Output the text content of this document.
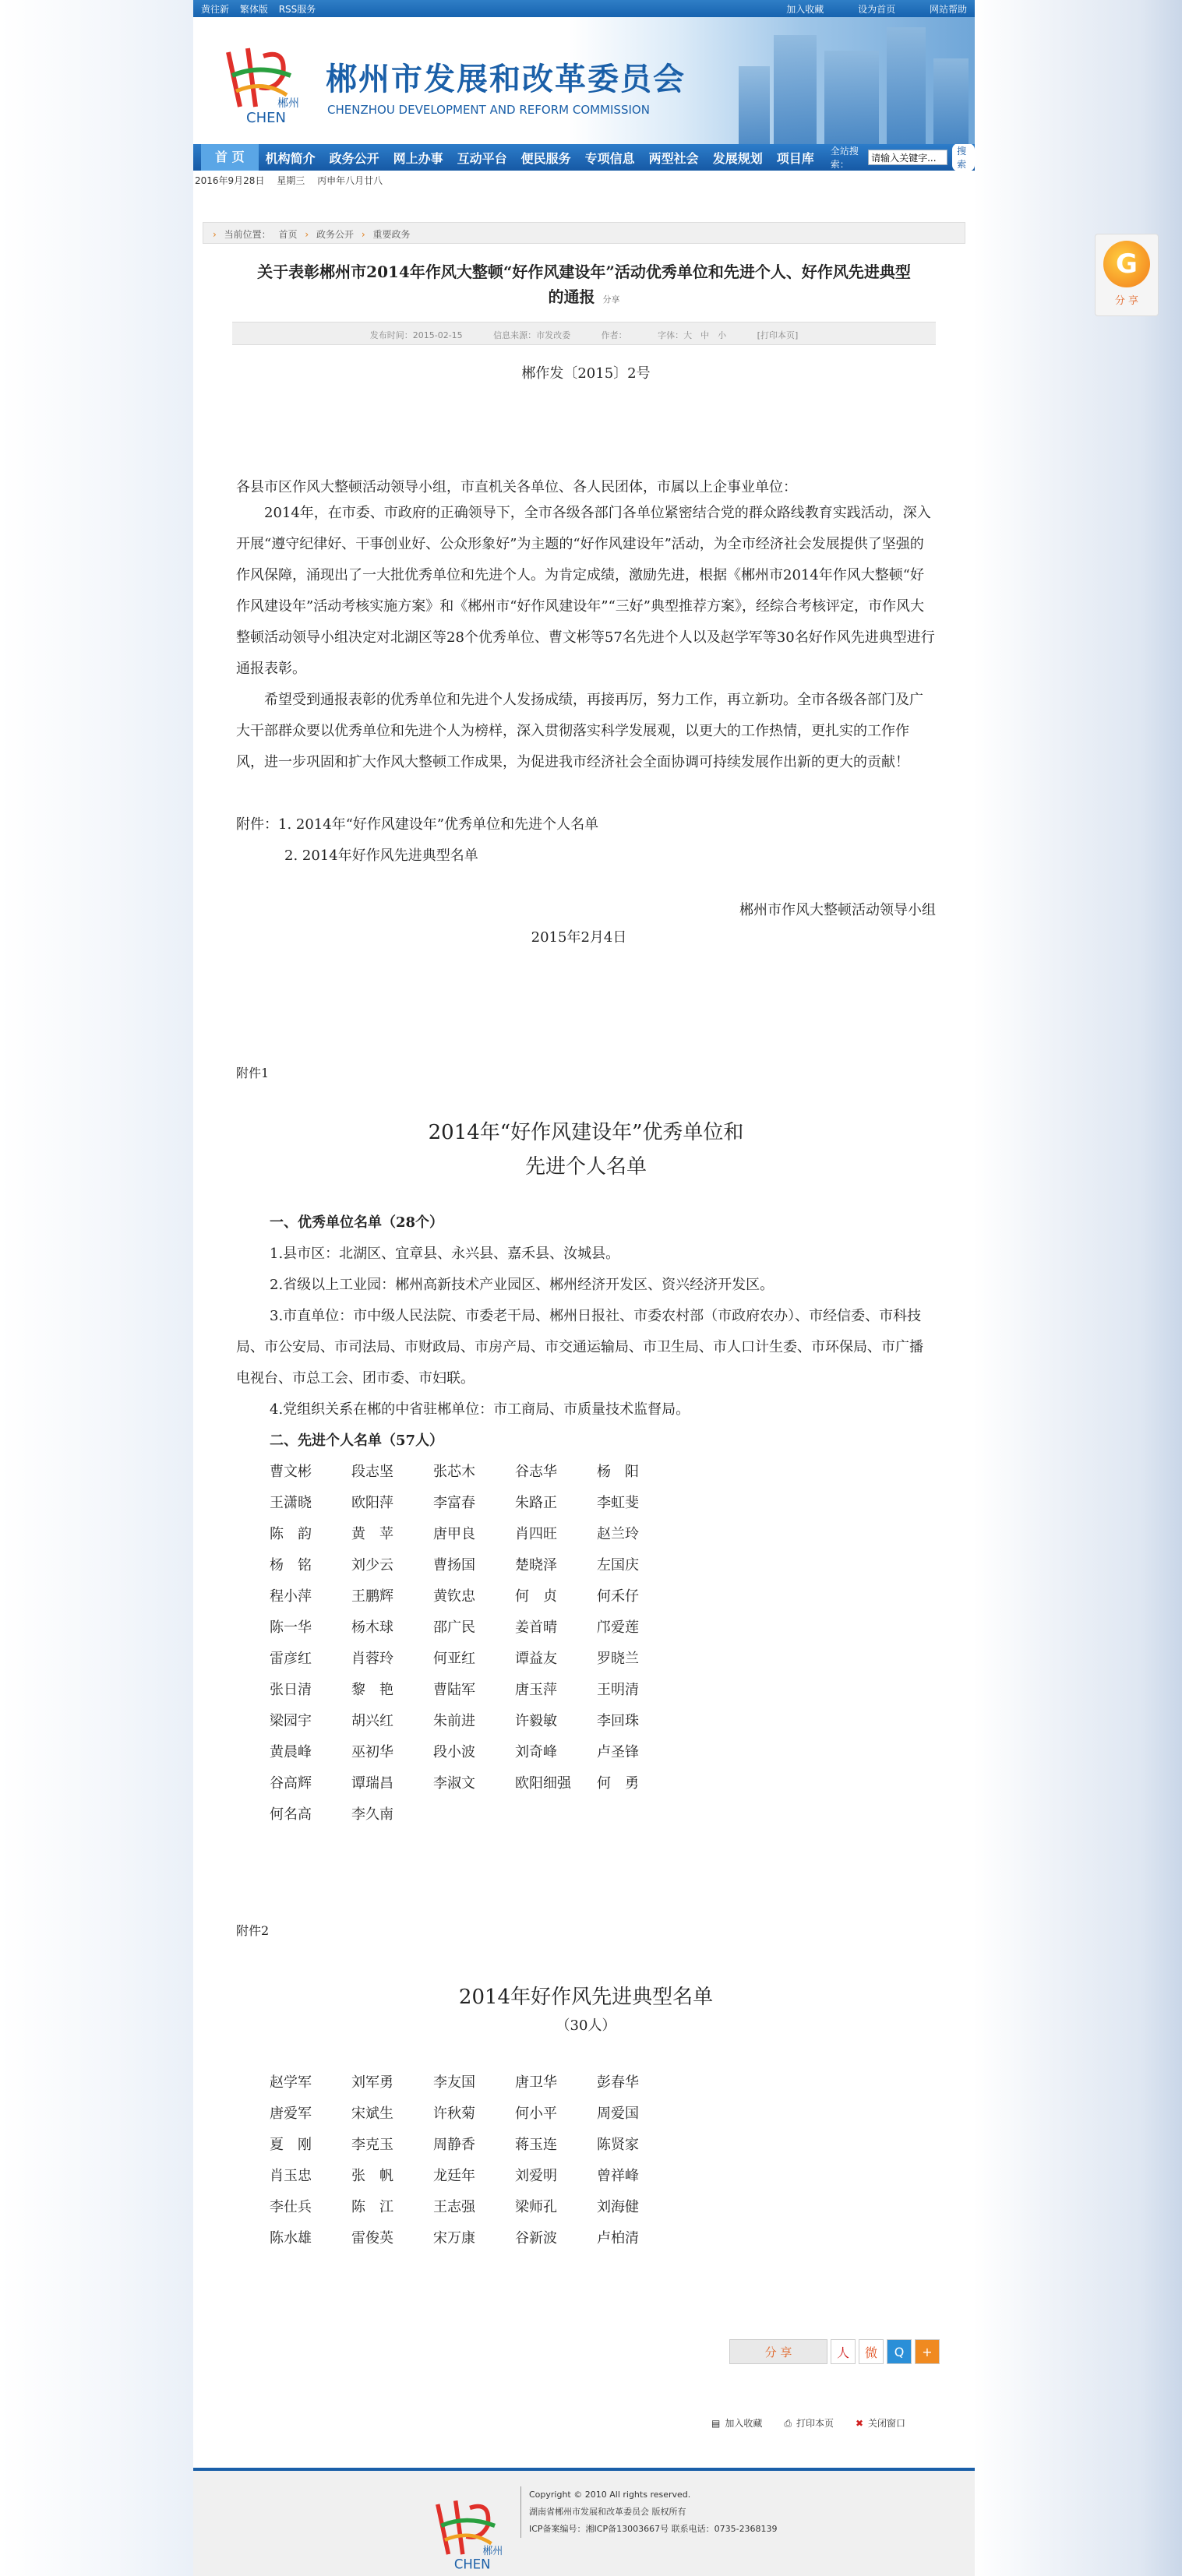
黄往新 繁体版 RSS服务	加入收藏	设为首页	网站帮助
郴州
CHEN
郴州市发展和改革委员会
CHENZHOU DEVELOPMENT AND REFORM COMMISSION
首 页	机构简介	政务公开	网上办事	互动平台	便民服务	专项信息	两型社会	发展规划	项目库	全站搜索：
请输入关键字...
搜索
2016年9月28日 星期三 丙申年八月廿八
› 当前位置： 首页 › 政务公开 › 重要政务
关于表彰郴州市2014年作风大整顿“好作风建设年”活动优秀单位和先进个人、好作风先进典型
的通报 分享
发布时间：2015-02-15	信息来源：市发改委	作者：	字体：大　中　小	[打印本页]
郴作发〔2015〕2号
各县市区作风大整顿活动领导小组，市直机关各单位、各人民团体，市属以上企事业单位：
2014年，在市委、市政府的正确领导下，全市各级各部门各单位紧密结合党的群众路线教育实践活动，深入开展“遵守纪律好、干事创业好、公众形象好”为主题的“好作风建设年”活动，为全市经济社会发展提供了坚强的作风保障，涌现出了一大批优秀单位和先进个人。为肯定成绩，激励先进，根据《郴州市2014年作风大整顿“好作风建设年”活动考核实施方案》和《郴州市“好作风建设年”“三好”典型推荐方案》，经综合考核评定，市作风大整顿活动领导小组决定对北湖区等28个优秀单位、曹文彬等57名先进个人以及赵学军等30名好作风先进典型进行通报表彰。
希望受到通报表彰的优秀单位和先进个人发扬成绩，再接再厉，努力工作，再立新功。全市各级各部门及广大干部群众要以优秀单位和先进个人为榜样，深入贯彻落实科学发展观，以更大的工作热情，更扎实的工作作风，进一步巩固和扩大作风大整顿工作成果，为促进我市经济社会全面协调可持续发展作出新的更大的贡献！
附件：1. 2014年“好作风建设年”优秀单位和先进个人名单
2. 2014年好作风先进典型名单
郴州市作风大整顿活动领导小组
2015年2月4日
附件1
2014年“好作风建设年”优秀单位和
先进个人名单
一、优秀单位名单（28个）
1.县市区：北湖区、宜章县、永兴县、嘉禾县、汝城县。
2.省级以上工业园：郴州高新技术产业园区、郴州经济开发区、资兴经济开发区。
3.市直单位：市中级人民法院、市委老干局、郴州日报社、市委农村部（市政府农办）、市经信委、市科技局、市公安局、市司法局、市财政局、市房产局、市交通运输局、市卫生局、市人口计生委、市环保局、市广播电视台、市总工会、团市委、市妇联。
4.党组织关系在郴的中省驻郴单位：市工商局、市质量技术监督局。
二、先进个人名单（57人）
曹文彬	段志坚	张芯木	谷志华	杨　阳
王潇晓	欧阳萍	李富春	朱路正	李虹斐
陈　韵	黄　苹	唐甲良	肖四旺	赵兰玲
杨　铭	刘少云	曹扬国	楚晓泽	左国庆
程小萍	王鹏辉	黄钦忠	何　贞	何禾仔
陈一华	杨木球	邵广民	姜首晴	邝爱莲
雷彦红	肖蓉玲	何亚红	谭益友	罗晓兰
张日清	黎　艳	曹陆军	唐玉萍	王明清
梁园宇	胡兴红	朱前进	许毅敏	李回珠
黄晨峰	巫初华	段小波	刘奇峰	卢圣锋
谷高辉	谭瑞昌	李淑文	欧阳细强	何　勇
何名高	李久南
附件2
2014年好作风先进典型名单
（30人）
赵学军	刘军勇	李友国	唐卫华	彭春华
唐爱军	宋斌生	许秋菊	何小平	周爱国
夏　刚	李克玉	周静香	蒋玉连	陈贤家
肖玉忠	张　帆	龙廷年	刘爱明	曾祥峰
李仕兵	陈　江	王志强	梁师孔	刘海健
陈水雄	雷俊英	宋万康	谷新波	卢柏清
分 享	人	微	Q	+
▤ 加入收藏 ⎙ 打印本页 ✖ 关闭窗口
郴州
CHEN
Copyright © 2010 All rights reserved.
湖南省郴州市发展和改革委员会 版权所有
ICP备案编号：湘ICP备13003667号 联系电话：0735-2368139
G
分 享
